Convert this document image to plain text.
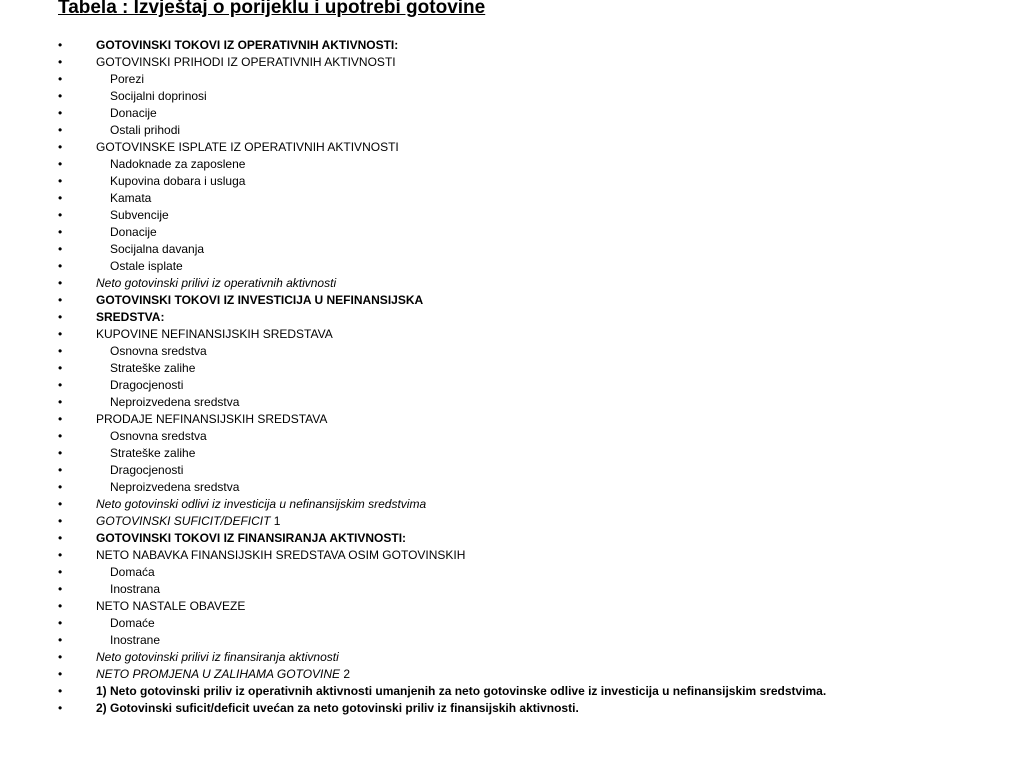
Tabela : Izvještaj o porijeklu i upotrebi gotovine
•	GOTOVINSKI TOKOVI IZ OPERATIVNIH AKTIVNOSTI:
•	GOTOVINSKI PRIHODI IZ OPERATIVNIH AKTIVNOSTI
•	Porezi
•	Socijalni doprinosi
•	Donacije
•	Ostali prihodi
•	GOTOVINSKE ISPLATE IZ OPERATIVNIH AKTIVNOSTI
•	Nadoknade za zaposlene
•	Kupovina dobara i usluga
•	Kamata
•	Subvencije
•	Donacije
•	Socijalna davanja
•	Ostale isplate
•	Neto gotovinski prilivi iz operativnih aktivnosti
•	GOTOVINSKI TOKOVI IZ INVESTICIJA U NEFINANSIJSKA
•	SREDSTVA:
•	KUPOVINE NEFINANSIJSKIH SREDSTAVA
•	Osnovna sredstva
•	Strateške zalihe
•	Dragocjenosti
•	Neproizvedena sredstva
•	PRODAJE NEFINANSIJSKIH SREDSTAVA
•	Osnovna sredstva
•	Strateške zalihe
•	Dragocjenosti
•	Neproizvedena sredstva
•	Neto gotovinski odlivi iz investicija u nefinansijskim sredstvima
•	GOTOVINSKI SUFICIT/DEFICIT 1
•	GOTOVINSKI TOKOVI IZ FINANSIRANJA AKTIVNOSTI:
•	NETO NABAVKA FINANSIJSKIH SREDSTAVA OSIM GOTOVINSKIH
•	Domaća
•	Inostrana
•	NETO NASTALE OBAVEZE
•	Domaće
•	Inostrane
•	Neto gotovinski prilivi iz finansiranja aktivnosti
•	NETO PROMJENA U ZALIHAMA GOTOVINE 2
•	1) Neto gotovinski priliv iz operativnih aktivnosti umanjenih za neto gotovinske odlive iz investicija u nefinansijskim sredstvima.
•	2) Gotovinski suficit/deficit uvećan za neto gotovinski priliv iz finansijskih aktivnosti.
